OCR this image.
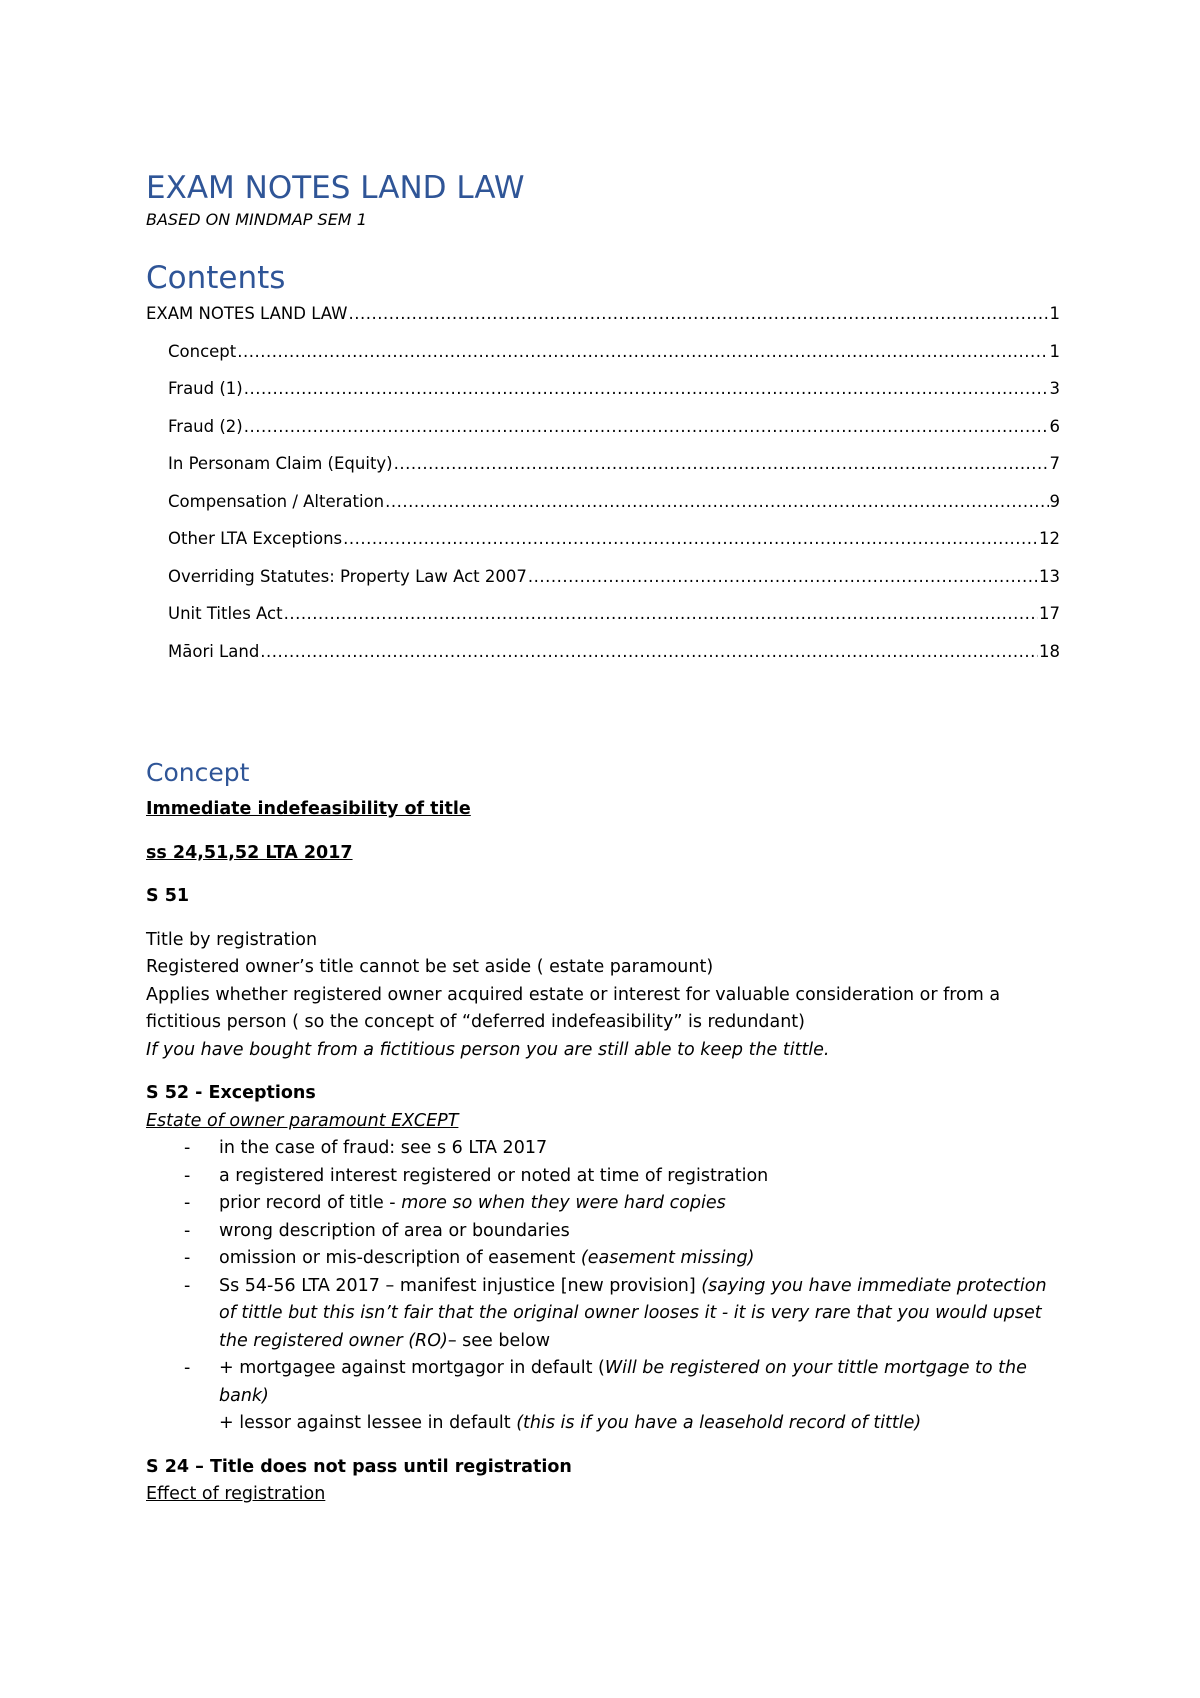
EXAM NOTES LAND LAW

BASED ON MINDMAP SEM 1

Contents
EXAM NOTES LAND LAW .....	1
Concept .....	1
Fraud (1) .....	3
Fraud (2) .....	6
In Personam Claim (Equity) .....	7
Compensation / Alteration .....	9
Other LTA Exceptions .....	12
Overriding Statutes: Property Law Act 2007 .....	13
Unit Titles Act .....	17
Māori Land .....	18
Concept

Immediate indefeasibility of title

ss 24,51,52 LTA 2017

S 51

Title by registration

Registered owner’s title cannot be set aside ( estate paramount)

Applies whether registered owner acquired estate or interest for valuable consideration or from a fictitious person ( so the concept of “deferred indefeasibility” is redundant)

If you have bought from a fictitious person you are still able to keep the tittle.

S 52 - Exceptions

Estate of owner paramount EXCEPT

- in the case of fraud: see s 6 LTA 2017
- a registered interest registered or noted at time of registration
- prior record of title - more so when they were hard copies
- wrong description of area or boundaries
- omission or mis-description of easement (easement missing)
- Ss 54-56 LTA 2017 – manifest injustice [new provision] (saying you have immediate protection of tittle but this isn’t fair that the original owner looses it - it is very rare that you would upset the registered owner (RO)– see below
- + mortgagee against mortgagor in default (Will be registered on your tittle mortgage to the bank)
+ lessor against lessee in default (this is if you have a leasehold record of tittle)

S 24 – Title does not pass until registration

Effect of registration
